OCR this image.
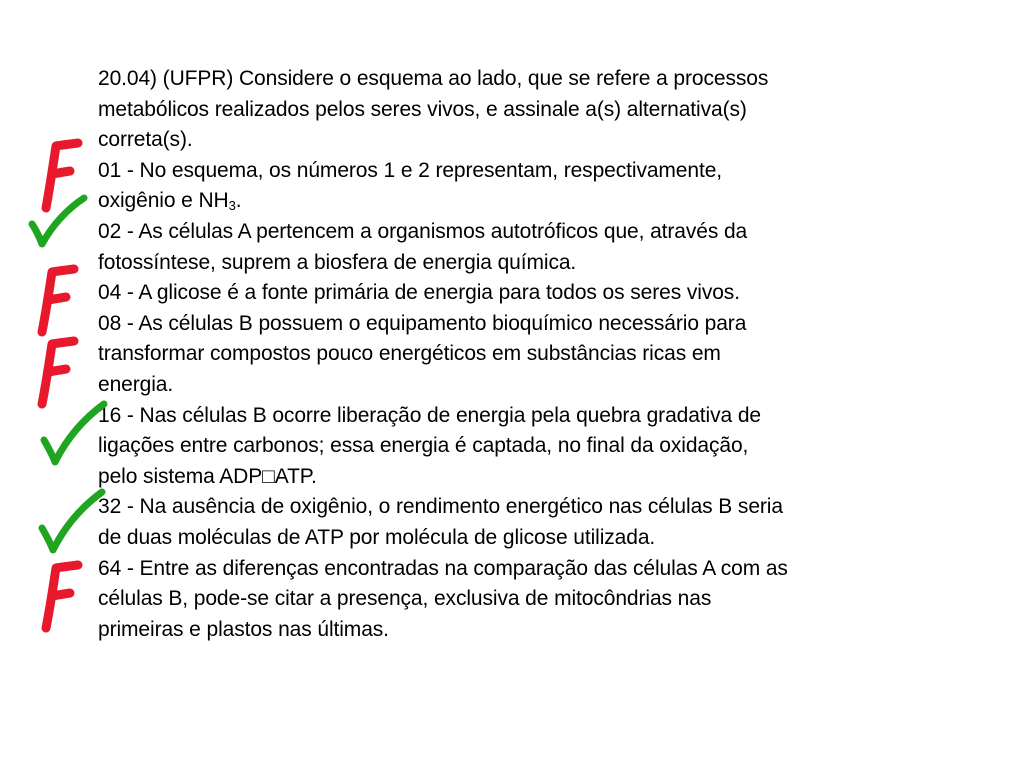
20.04) (UFPR) Considere o esquema ao lado, que se refere a processos

metabólicos realizados pelos seres vivos, e assinale a(s) alternativa(s)

correta(s).

01 - No esquema, os números 1 e 2 representam, respectivamente,

oxigênio e $NH_3$.

02 - As células A pertencem a organismos autotróficos que, através da

fotossíntese, suprem a biosfera de energia química.

04 - A glicose é a fonte primária de energia para todos os seres vivos.

08 - As células B possuem o equipamento bioquímico necessário para

transformar compostos pouco energéticos em substâncias ricas em

energia.

16 - Nas células B ocorre liberação de energia pela quebra gradativa de

ligações entre carbonos; essa energia é captada, no final da oxidação,

pelo sistema ADP□ATP.

32 - Na ausência de oxigênio, o rendimento energético nas células B seria

de duas moléculas de ATP por molécula de glicose utilizada.

64 - Entre as diferenças encontradas na comparação das células A com as

células B, pode-se citar a presença, exclusiva de mitocôndrias nas

primeiras e plastos nas últimas.
